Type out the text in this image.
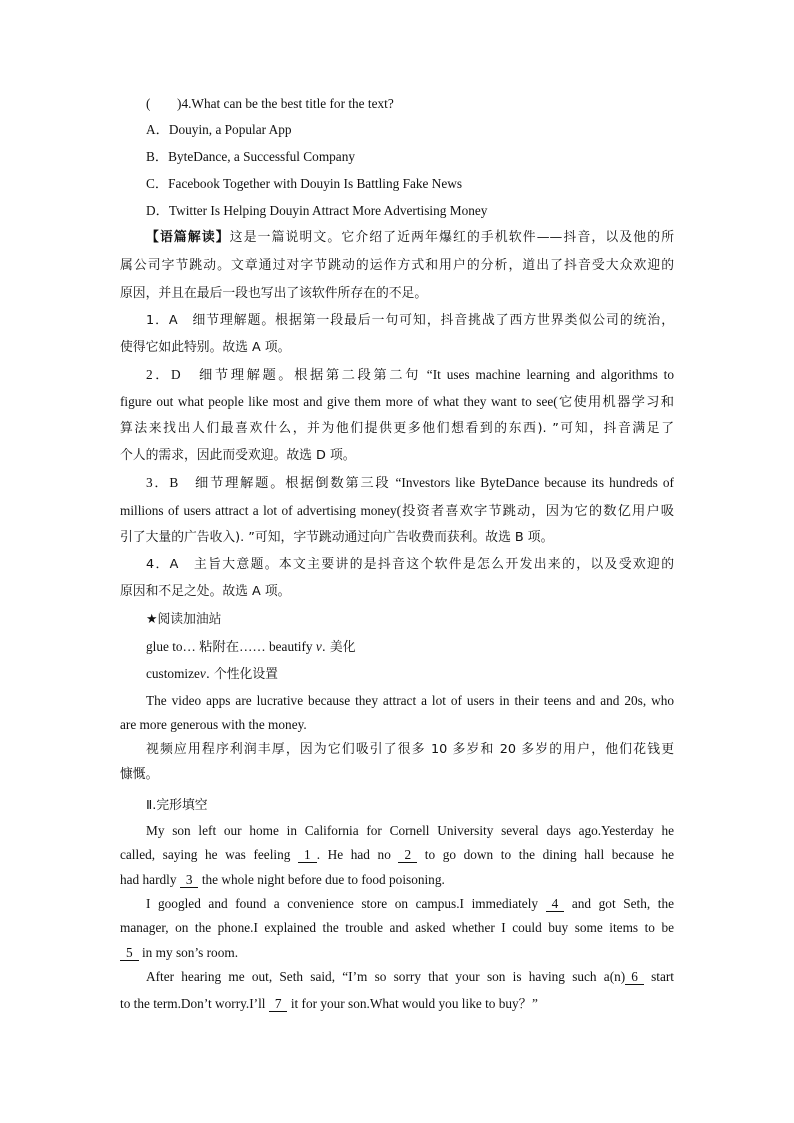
(　　)4.What can be the best title for the text?
A．Douyin, a Popular App
B．ByteDance, a Successful Company
C．Facebook Together with Douyin Is Battling Fake News
D．Twitter Is Helping Douyin Attract More Advertising Money
【语篇解读】这是一篇说明文。它介绍了近两年爆红的手机软件——抖音，以及他的所
属公司字节跳动。文章通过对字节跳动的运作方式和用户的分析，道出了抖音受大众欢迎的
原因，并且在最后一段也写出了该软件所存在的不足。
1．A　细节理解题。根据第一段最后一句可知，抖音挑战了西方世界类似公司的统治，
使得它如此特别。故选 A 项。
2．D　细节理解题。根据第二段第二句 “It uses machine learning and algorithms to
figure out what people like most and give them more of what they want to see(它使用机器学习和
算法来找出人们最喜欢什么，并为他们提供更多他们想看到的东西). ”可知，抖音满足了
个人的需求，因此而受欢迎。故选 D 项。
3．B　细节理解题。根据倒数第三段 “Investors like ByteDance because its hundreds of
millions of users attract a lot of advertising money(投资者喜欢字节跳动，因为它的数亿用户吸
引了大量的广告收入). ”可知，字节跳动通过向广告收费而获利。故选 B 项。
4．A　主旨大意题。本文主要讲的是抖音这个软件是怎么开发出来的，以及受欢迎的
原因和不足之处。故选 A 项。
★阅读加油站
glue to… 粘附在…… beautify v. 美化
customizev. 个性化设置
The video apps are lucrative because they attract a lot of users in their teens and and 20s, who
are more generous with the money.
视频应用程序利润丰厚，因为它们吸引了很多 10 多岁和 20 多岁的用户，他们花钱更
慷慨。
Ⅱ.完形填空
My son left our home in California for Cornell University several days ago.Yesterday he
called, saying he was feeling 1 . He had no 2 to go down to the dining hall because he
had hardly 3 the whole night before due to food poisoning.
I googled and found a convenience store on campus.I immediately 4 and got Seth, the
manager, on the phone.I explained the trouble and asked whether I could buy some items to be
5 in my son’s room.
After hearing me out, Seth said, “I’m so sorry that your son is having such a(n) 6 start
to the term.Don’t worry.I’ll 7 it for your son.What would you like to buy？”
